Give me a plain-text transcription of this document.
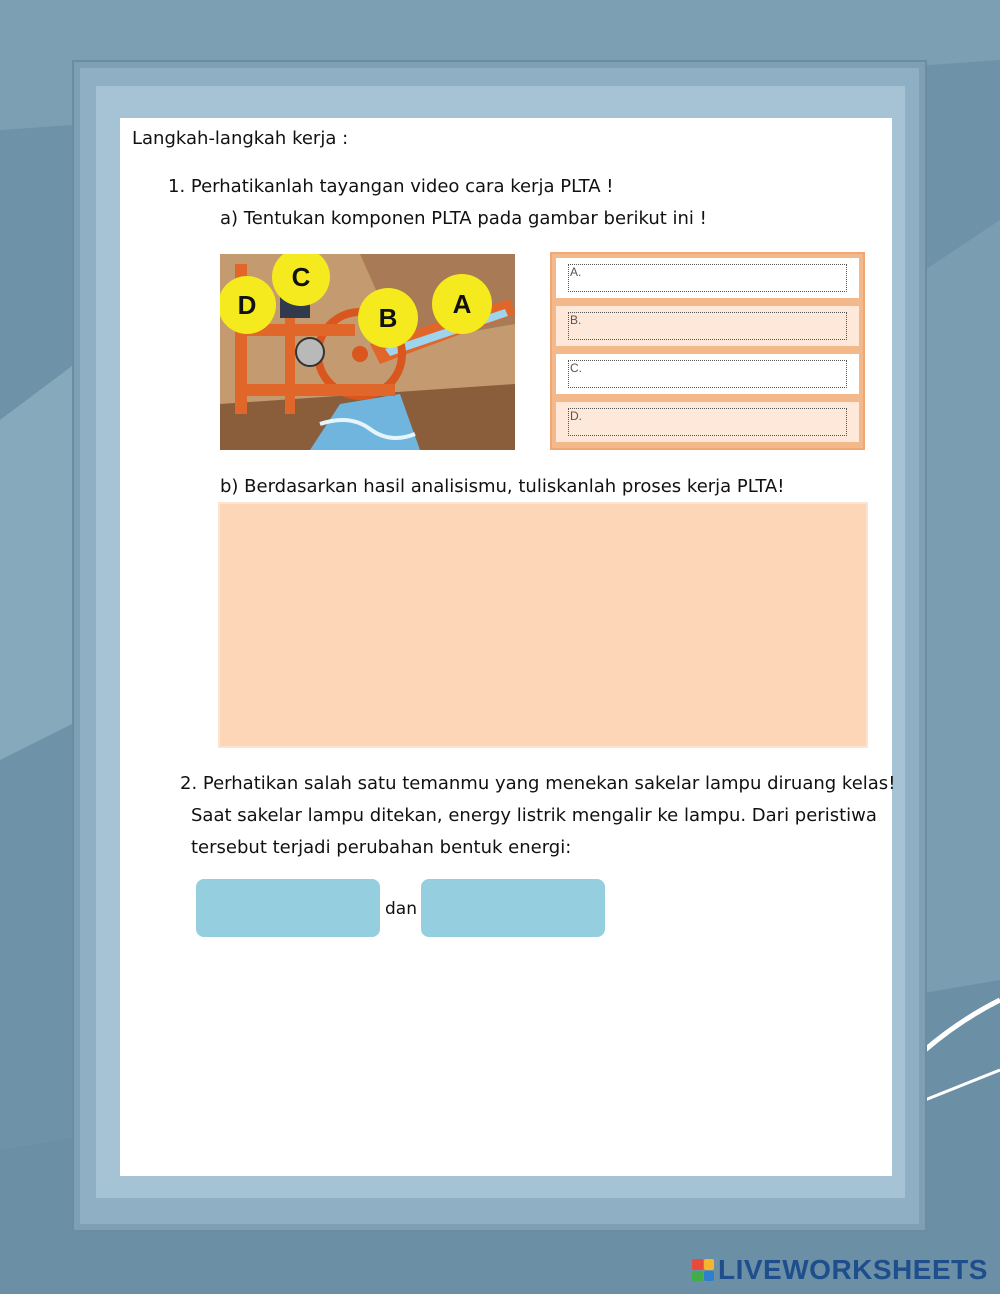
Langkah-langkah kerja :
1. Perhatikanlah tayangan video cara kerja PLTA !
a) Tentukan komponen PLTA pada gambar berikut ini !
C
D	B A
A.
B.
C.
D.
b) Berdasarkan hasil analisismu, tuliskanlah proses kerja PLTA!
2. Perhatikan salah satu temanmu yang menekan sakelar lampu diruang kelas!
Saat sakelar lampu ditekan, energy listrik mengalir ke lampu. Dari peristiwa
tersebut terjadi perubahan bentuk energi:
dan
LIVEWORKSHEETS
